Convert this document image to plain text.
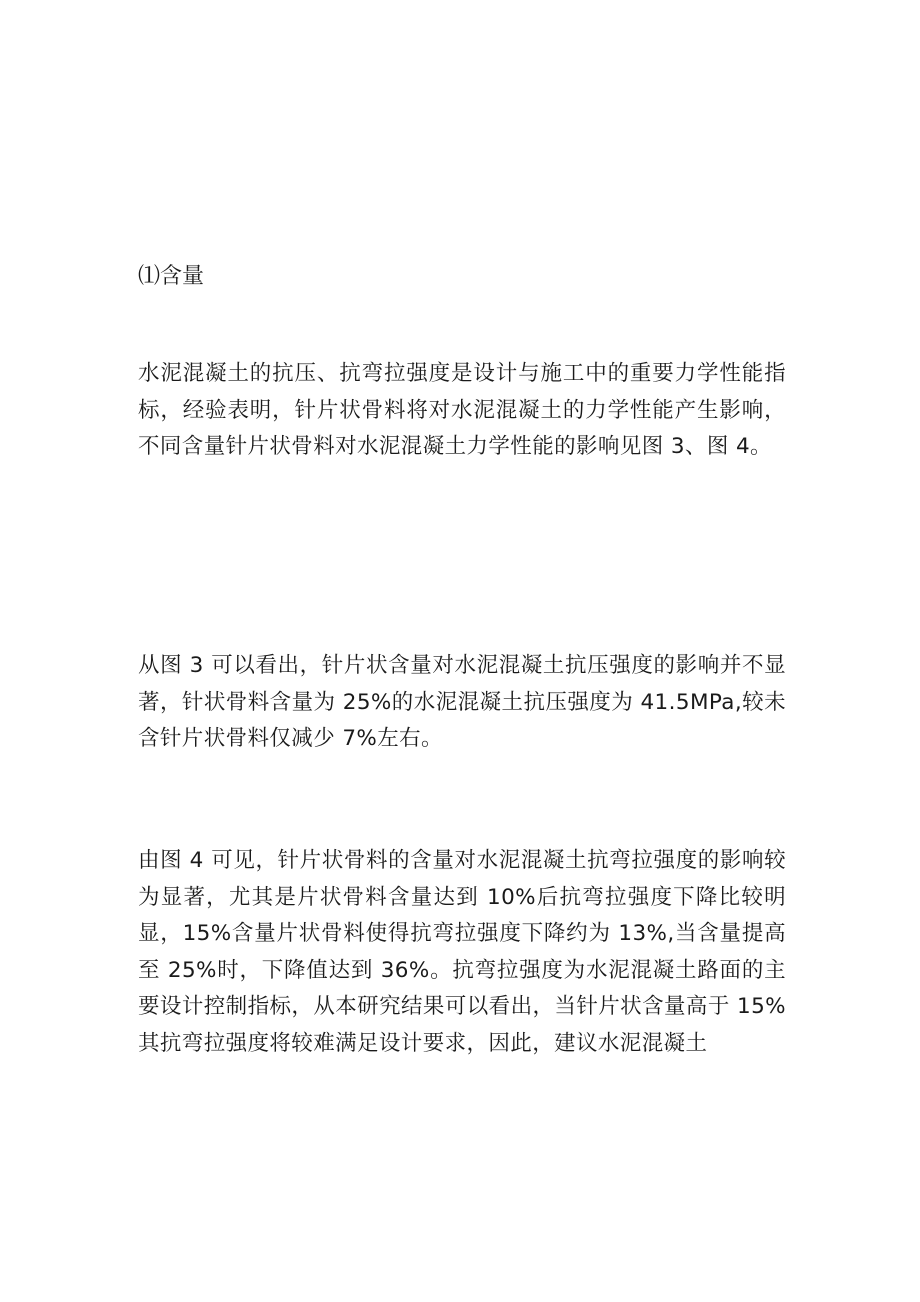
⑴含量

水泥混凝土的抗压、抗弯拉强度是设计与施工中的重要力学性能指标，经验表明，针片状骨料将对水泥混凝土的力学性能产生影响，不同含量针片状骨料对水泥混凝土力学性能的影响见图 3、图 4。

从图 3 可以看出，针片状含量对水泥混凝土抗压强度的影响并不显著，针状骨料含量为 25%的水泥混凝土抗压强度为 41.5MPa,较未含针片状骨料仅减少 7%左右。

由图 4 可见，针片状骨料的含量对水泥混凝土抗弯拉强度的影响较为显著，尤其是片状骨料含量达到 10%后抗弯拉强度下降比较明显，15%含量片状骨料使得抗弯拉强度下降约为 13%,当含量提高至 25%时，下降值达到 36%。抗弯拉强度为水泥混凝土路面的主要设计控制指标，从本研究结果可以看出，当针片状含量高于 15%其抗弯拉强度将较难满足设计要求，因此，建议水泥混凝土
